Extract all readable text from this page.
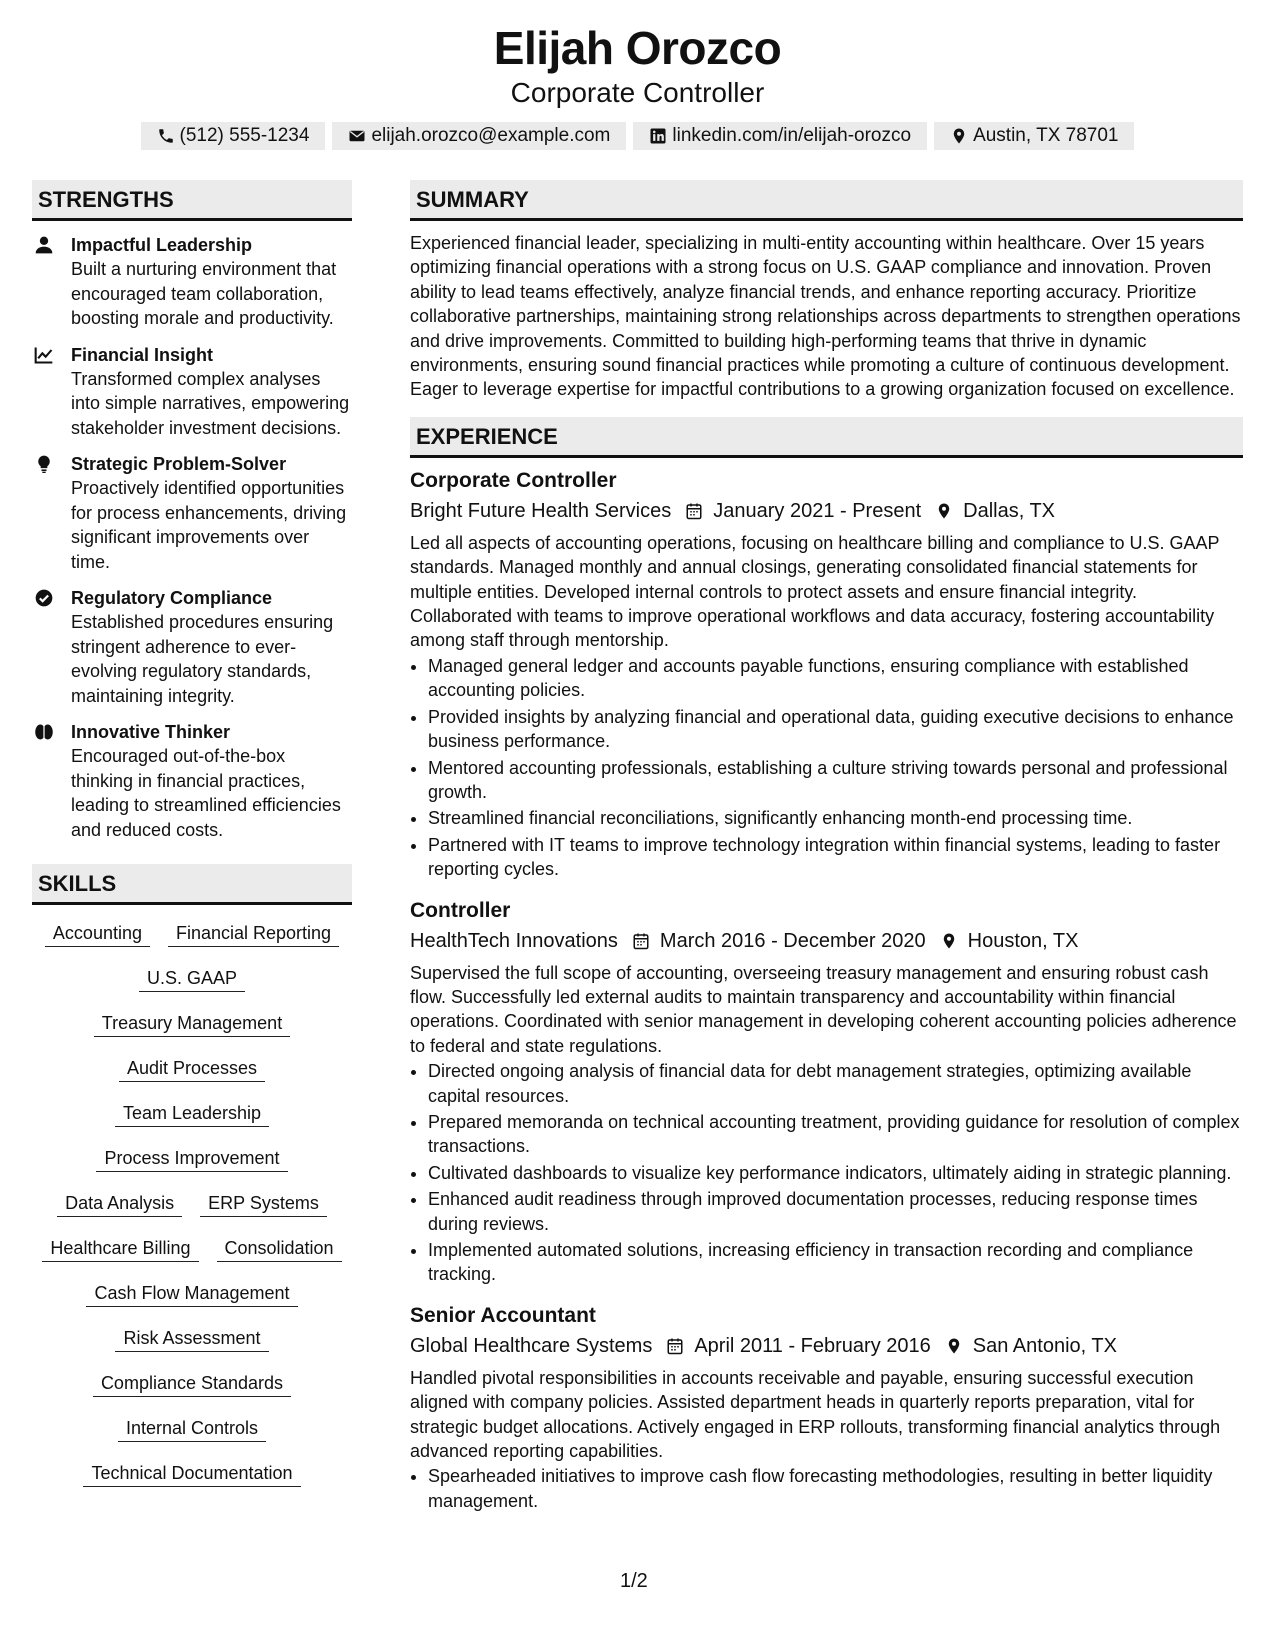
Elijah Orozco
Corporate Controller
(512) 555-1234	elijah.orozco@example.com	linkedin.com/in/elijah-orozco	Austin, TX 78701
STRENGTHS
Impactful Leadership
Built a nurturing environment that encouraged team collaboration, boosting morale and productivity.
Financial Insight
Transformed complex analyses into simple narratives, empowering stakeholder investment decisions.
Strategic Problem-Solver
Proactively identified opportunities for process enhancements, driving significant improvements over time.
Regulatory Compliance
Established procedures ensuring stringent adherence to ever-evolving regulatory standards, maintaining integrity.
Innovative Thinker
Encouraged out-of-the-box thinking in financial practices, leading to streamlined efficiencies and reduced costs.
SKILLS
Accounting	Financial Reporting
U.S. GAAP
Treasury Management
Audit Processes
Team Leadership
Process Improvement
Data Analysis	ERP Systems
Healthcare Billing	Consolidation
Cash Flow Management
Risk Assessment
Compliance Standards
Internal Controls
Technical Documentation
SUMMARY
Experienced financial leader, specializing in multi-entity accounting within healthcare. Over 15 years optimizing financial operations with a strong focus on U.S. GAAP compliance and innovation. Proven ability to lead teams effectively, analyze financial trends, and enhance reporting accuracy. Prioritize collaborative partnerships, maintaining strong relationships across departments to strengthen operations and drive improvements. Committed to building high-performing teams that thrive in dynamic environments, ensuring sound financial practices while promoting a culture of continuous development. Eager to leverage expertise for impactful contributions to a growing organization focused on excellence.
EXPERIENCE
Corporate Controller
Bright Future Health Services January 2021 - Present Dallas, TX
Led all aspects of accounting operations, focusing on healthcare billing and compliance to U.S. GAAP standards. Managed monthly and annual closings, generating consolidated financial statements for multiple entities. Developed internal controls to protect assets and ensure financial integrity. Collaborated with teams to improve operational workflows and data accuracy, fostering accountability among staff through mentorship.
• Managed general ledger and accounts payable functions, ensuring compliance with established accounting policies.
• Provided insights by analyzing financial and operational data, guiding executive decisions to enhance business performance.
• Mentored accounting professionals, establishing a culture striving towards personal and professional growth.
• Streamlined financial reconciliations, significantly enhancing month-end processing time.
• Partnered with IT teams to improve technology integration within financial systems, leading to faster reporting cycles.
Controller
HealthTech Innovations March 2016 - December 2020 Houston, TX
Supervised the full scope of accounting, overseeing treasury management and ensuring robust cash flow. Successfully led external audits to maintain transparency and accountability within financial operations. Coordinated with senior management in developing coherent accounting policies adherence to federal and state regulations.
• Directed ongoing analysis of financial data for debt management strategies, optimizing available capital resources.
• Prepared memoranda on technical accounting treatment, providing guidance for resolution of complex transactions.
• Cultivated dashboards to visualize key performance indicators, ultimately aiding in strategic planning.
• Enhanced audit readiness through improved documentation processes, reducing response times during reviews.
• Implemented automated solutions, increasing efficiency in transaction recording and compliance tracking.
Senior Accountant
Global Healthcare Systems April 2011 - February 2016 San Antonio, TX
Handled pivotal responsibilities in accounts receivable and payable, ensuring successful execution aligned with company policies. Assisted department heads in quarterly reports preparation, vital for strategic budget allocations. Actively engaged in ERP rollouts, transforming financial analytics through advanced reporting capabilities.
• Spearheaded initiatives to improve cash flow forecasting methodologies, resulting in better liquidity management.
1/2
